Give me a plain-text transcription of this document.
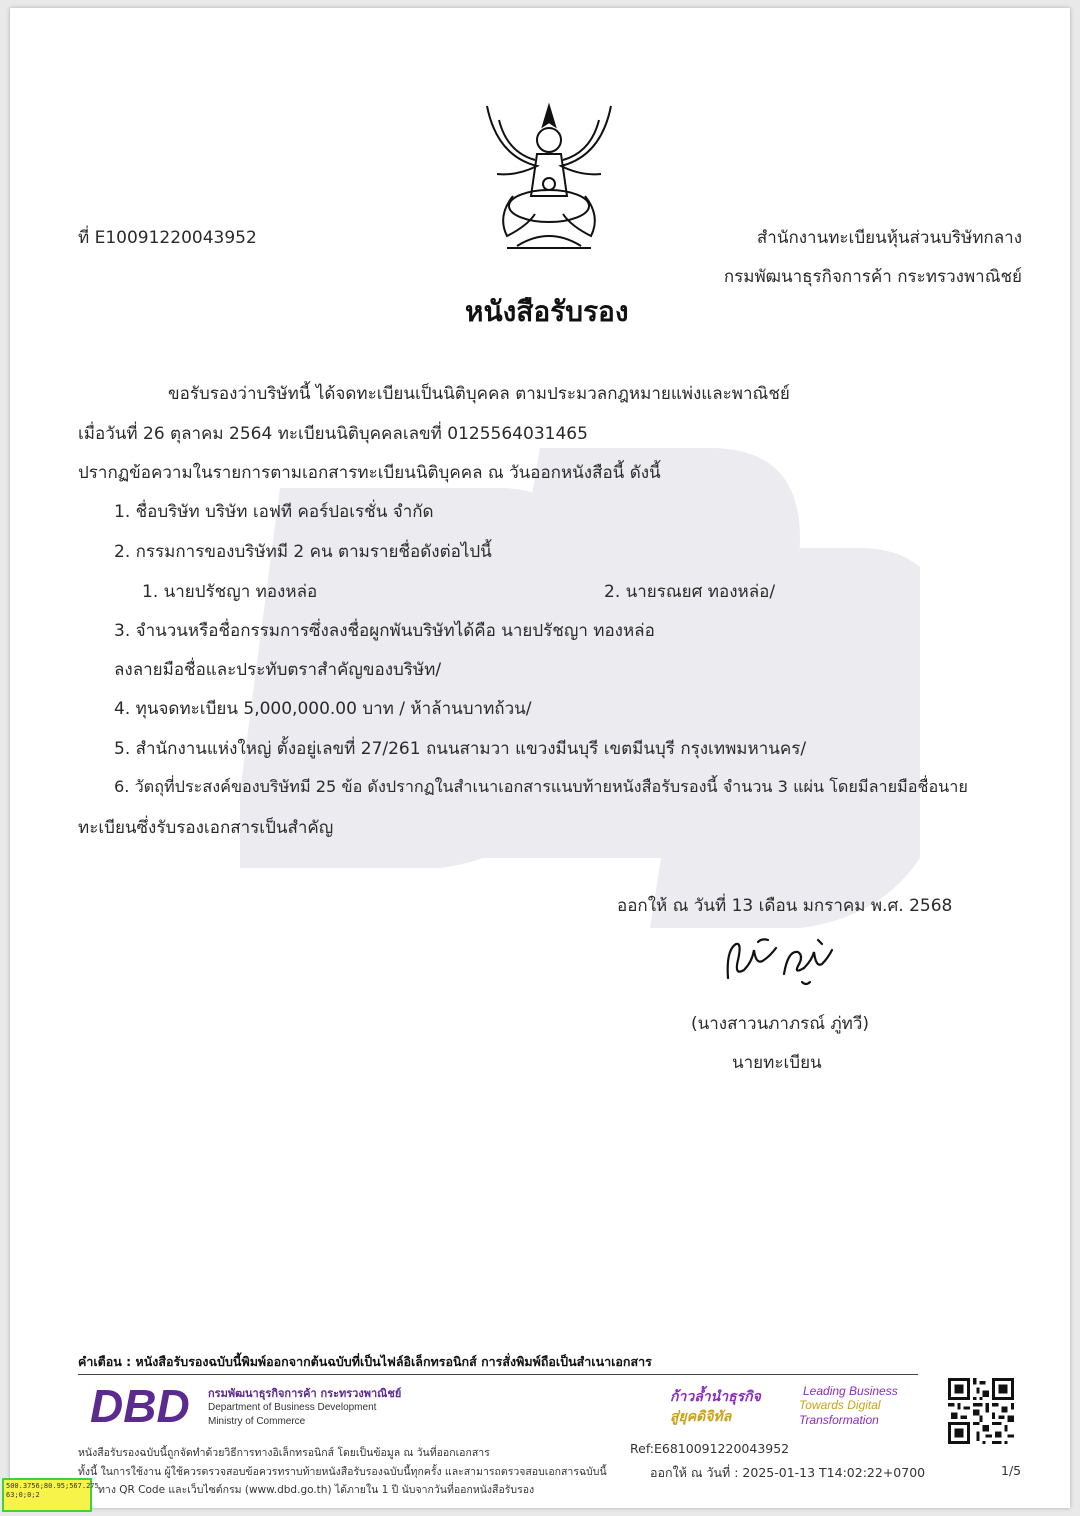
ที่ E10091220043952	สำนักงานทะเบียนหุ้นส่วนบริษัทกลาง
กรมพัฒนาธุรกิจการค้า กระทรวงพาณิชย์
หนังสือรับรอง
ขอรับรองว่าบริษัทนี้ ได้จดทะเบียนเป็นนิติบุคคล ตามประมวลกฎหมายแพ่งและพาณิชย์
เมื่อวันที่ 26 ตุลาคม 2564 ทะเบียนนิติบุคคลเลขที่ 0125564031465
ปรากฏข้อความในรายการตามเอกสารทะเบียนนิติบุคคล ณ วันออกหนังสือนี้ ดังนี้
1. ชื่อบริษัท บริษัท เอฟที คอร์ปอเรชั่น จำกัด
2. กรรมการของบริษัทมี 2 คน ตามรายชื่อดังต่อไปนี้
1. นายปรัชญา ทองหล่อ	2. นายรณยศ ทองหล่อ/
3. จำนวนหรือชื่อกรรมการซึ่งลงชื่อผูกพันบริษัทได้คือ นายปรัชญา ทองหล่อ
ลงลายมือชื่อและประทับตราสำคัญของบริษัท/
4. ทุนจดทะเบียน 5,000,000.00 บาท / ห้าล้านบาทถ้วน/
5. สำนักงานแห่งใหญ่ ตั้งอยู่เลขที่ 27/261 ถนนสามวา แขวงมีนบุรี เขตมีนบุรี กรุงเทพมหานคร/
6. วัตถุที่ประสงค์ของบริษัทมี 25 ข้อ ดังปรากฏในสำเนาเอกสารแนบท้ายหนังสือรับรองนี้ จำนวน 3 แผ่น โดยมีลายมือชื่อนาย
ทะเบียนซึ่งรับรองเอกสารเป็นสำคัญ
ออกให้ ณ วันที่ 13 เดือน มกราคม พ.ศ. 2568
(นางสาวนภาภรณ์ ภู่ทวี)
นายทะเบียน
คำเตือน : หนังสือรับรองฉบับนี้พิมพ์ออกจากต้นฉบับที่เป็นไฟล์อิเล็กทรอนิกส์ การสั่งพิมพ์ถือเป็นสำเนาเอกสาร
DBD กรมพัฒนาธุรกิจการค้า กระทรวงพาณิชย์
Department of Business Development
Ministry of Commerce
ก้าวล้ำนำธุรกิจ
สู่ยุคดิจิทัล
Leading Business
Towards Digital
Transformation
หนังสือรับรองฉบับนี้ถูกจัดทำด้วยวิธีการทางอิเล็กทรอนิกส์ โดยเป็นข้อมูล ณ วันที่ออกเอกสาร
ทั้งนี้ ในการใช้งาน ผู้ใช้ควรตรวจสอบข้อควรทราบท้ายหนังสือรับรองฉบับนี้ทุกครั้ง และสามารถตรวจสอบเอกสารฉบับนี้
ทาง QR Code และเว็บไซต์กรม (www.dbd.go.th) ได้ภายใน 1 ปี นับจากวันที่ออกหนังสือรับรอง
Ref:E6810091220043952
ออกให้ ณ วันที่ : 2025-01-13 T14:02:22+0700	1/5
500.3756;80.95;567.275 63;0;0;2
